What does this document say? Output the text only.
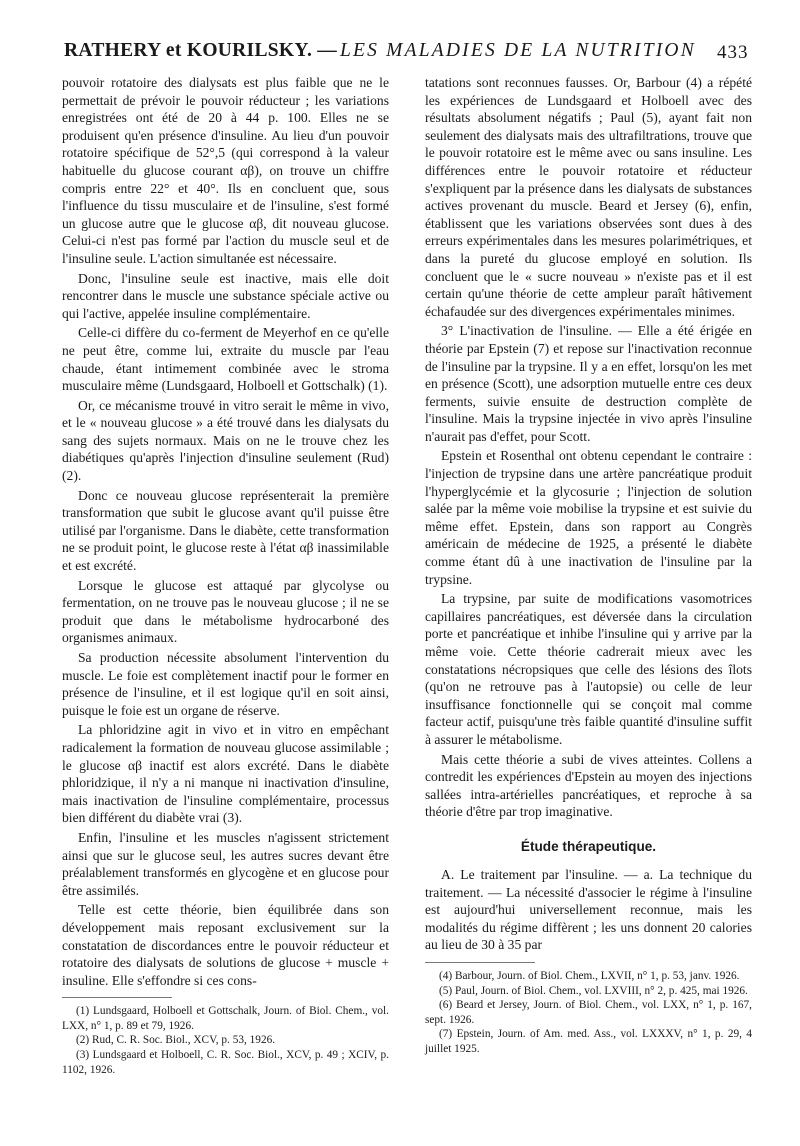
RATHERY et KOURILSKY. — LES MALADIES DE LA NUTRITION 433

pouvoir rotatoire des dialysats est plus faible que ne le permettait de prévoir le pouvoir réducteur ; les variations enregistrées ont été de 20 à 44 p. 100. Elles ne se produisent qu'en présence d'insuline. Au lieu d'un pouvoir rotatoire spécifique de 52°,5 (qui correspond à la valeur habituelle du glucose courant αβ), on trouve un chiffre compris entre 22° et 40°. Ils en concluent que, sous l'influence du tissu musculaire et de l'insuline, s'est formé un glucose autre que le glucose αβ, dit nouveau glucose. Celui-ci n'est pas formé par l'action du muscle seul et de l'insuline seule. L'action simultanée est nécessaire.

Donc, l'insuline seule est inactive, mais elle doit rencontrer dans le muscle une substance spéciale active ou qui l'active, appelée insuline complémentaire.

Celle-ci diffère du co-ferment de Meyerhof en ce qu'elle ne peut être, comme lui, extraite du muscle par l'eau chaude, étant intimement combinée avec le stroma musculaire même (Lundsgaard, Holboell et Gottschalk) (1).

Or, ce mécanisme trouvé in vitro serait le même in vivo, et le « nouveau glucose » a été trouvé dans les dialysats du sang des sujets normaux. Mais on ne le trouve chez les diabétiques qu'après l'injection d'insuline seulement (Rud) (2).

Donc ce nouveau glucose représenterait la première transformation que subit le glucose avant qu'il puisse être utilisé par l'organisme. Dans le diabète, cette transformation ne se produit point, le glucose reste à l'état αβ inassimilable et est excrété.

Lorsque le glucose est attaqué par glycolyse ou fermentation, on ne trouve pas le nouveau glucose ; il ne se produit que dans le métabolisme hydrocarboné des organismes animaux.

Sa production nécessite absolument l'intervention du muscle. Le foie est complètement inactif pour le former en présence de l'insuline, et il est logique qu'il en soit ainsi, puisque le foie est un organe de réserve.

La phloridzine agit in vivo et in vitro en empêchant radicalement la formation de nouveau glucose assimilable ; le glucose αβ inactif est alors excrété. Dans le diabète phloridzique, il n'y a ni manque ni inactivation d'insuline, mais inactivation de l'insuline complémentaire, processus bien différent du diabète vrai (3).

Enfin, l'insuline et les muscles n'agissent strictement ainsi que sur le glucose seul, les autres sucres devant être préalablement transformés en glycogène et en glucose pour être assimilés.

Telle est cette théorie, bien équilibrée dans son développement mais reposant exclusivement sur la constatation de discordances entre le pouvoir réducteur et rotatoire des dialysats de solutions de glucose + muscle + insuline. Elle s'effondre si ces cons-

(1) Lundsgaard, Holboell et Gottschalk, Journ. of Biol. Chem., vol. LXX, n° 1, p. 89 et 79, 1926.

(2) Rud, C. R. Soc. Biol., XCV, p. 53, 1926.

(3) Lundsgaard et Holboell, C. R. Soc. Biol., XCV, p. 49 ; XCIV, p. 1102, 1926.

tatations sont reconnues fausses. Or, Barbour (4) a répété les expériences de Lundsgaard et Holboell avec des résultats absolument négatifs ; Paul (5), ayant fait non seulement des dialysats mais des ultrafiltrations, trouve que le pouvoir rotatoire est le même avec ou sans insuline. Les différences entre le pouvoir rotatoire et réducteur s'expliquent par la présence dans les dialysats de substances actives provenant du muscle. Beard et Jersey (6), enfin, établissent que les variations observées sont dues à des erreurs expérimentales dans les mesures polarimétriques, et dans la pureté du glucose employé en solution. Ils concluent que le « sucre nouveau » n'existe pas et il est certain qu'une théorie de cette ampleur paraît hâtivement échafaudée sur des divergences expérimentales minimes.

3° L'inactivation de l'insuline. — Elle a été érigée en théorie par Epstein (7) et repose sur l'inactivation reconnue de l'insuline par la trypsine. Il y a en effet, lorsqu'on les met en présence (Scott), une adsorption mutuelle entre ces deux ferments, suivie ensuite de destruction complète de l'insuline. Mais la trypsine injectée in vivo après l'insuline n'aurait pas d'effet, pour Scott.

Epstein et Rosenthal ont obtenu cependant le contraire : l'injection de trypsine dans une artère pancréatique produit l'hyperglycémie et la glycosurie ; l'injection de solution salée par la même voie mobilise la trypsine et est suivie du même effet. Epstein, dans son rapport au Congrès américain de médecine de 1925, a présenté le diabète comme étant dû à une inactivation de l'insuline par la trypsine.

La trypsine, par suite de modifications vasomotrices capillaires pancréatiques, est déversée dans la circulation porte et pancréatique et inhibe l'insuline qui y arrive par la même voie. Cette théorie cadrerait mieux avec les constatations nécropsiques que celle des lésions des îlots (qu'on ne retrouve pas à l'autopsie) ou celle de leur insuffisance fonctionnelle qui se conçoit mal comme facteur actif, puisqu'une très faible quantité d'insuline suffit à assurer le métabolisme.

Mais cette théorie a subi de vives atteintes. Collens a contredit les expériences d'Epstein au moyen des injections sallées intra-artérielles pancréatiques, et reproche à sa théorie d'être par trop imaginative.

Étude thérapeutique.

A. Le traitement par l'insuline. — a. La technique du traitement. — La nécessité d'associer le régime à l'insuline est aujourd'hui universellement reconnue, mais les modalités du régime diffèrent ; les uns donnent 20 calories au lieu de 30 à 35 par

(4) Barbour, Journ. of Biol. Chem., LXVII, n° 1, p. 53, janv. 1926.

(5) Paul, Journ. of Biol. Chem., vol. LXVIII, n° 2, p. 425, mai 1926.

(6) Beard et Jersey, Journ. of Biol. Chem., vol. LXX, n° 1, p. 167, sept. 1926.

(7) Epstein, Journ. of Am. med. Ass., vol. LXXXV, n° 1, p. 29, 4 juillet 1925.
